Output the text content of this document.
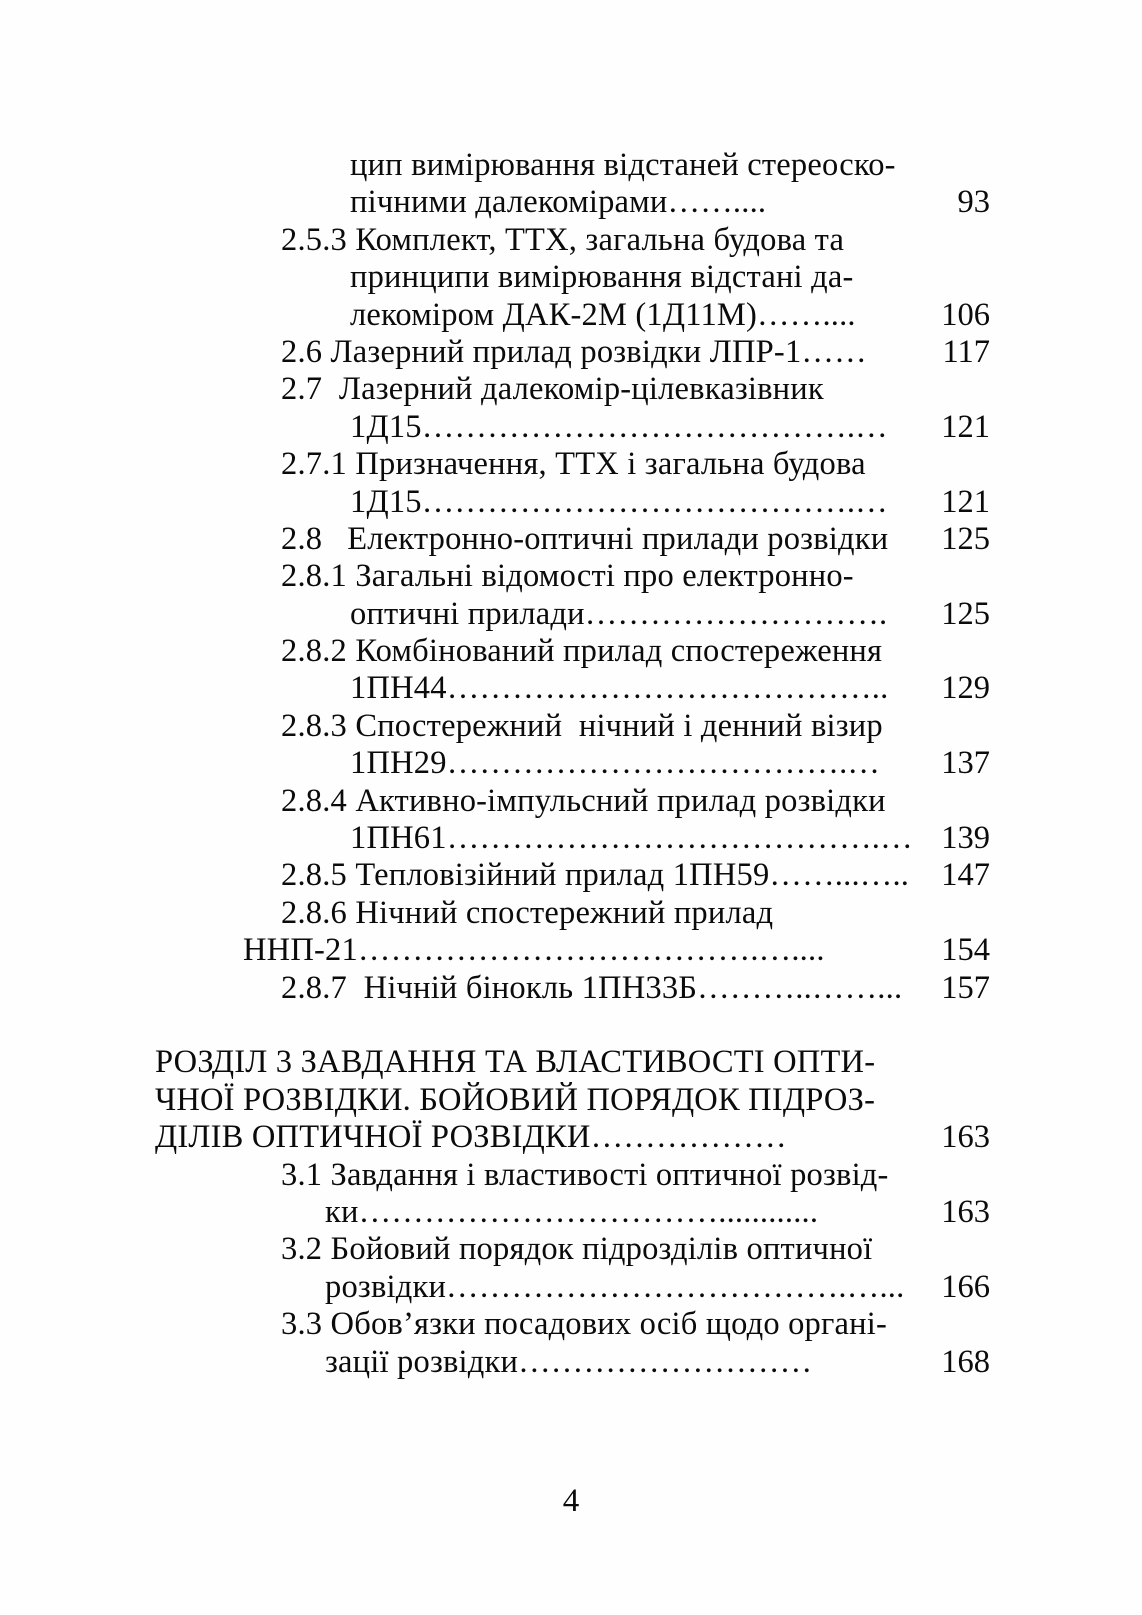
цип вимірювання відстаней стереоско-
пічними далекомірами……....	93
2.5.3 Комплект, ТТХ, загальна будова та
принципи вимірювання відстані да-
лекоміром ДАК-2М (1Д11М)……....	106
2.6 Лазерний прилад розвідки ЛПР-1……	117
2.7  Лазерний далекомір-цілевказівник
1Д15………………………………….… 121
2.7.1 Призначення, ТТХ і загальна будова
1Д15………………………………….… 121
2.8   Електронно-оптичні прилади розвідки 125
2.8.1 Загальні відомості про електронно-
оптичні прилади………………………. 125
2.8.2 Комбінований прилад спостереження
1ПН44………………………………….. 129
2.8.3 Спостережний  нічний і денний візир
1ПН29……………………………….… 137
2.8.4 Активно-імпульсний прилад розвідки
1ПН61………………………………….… 139
2.8.5 Тепловізійний прилад 1ПН59……...….. 147
2.8.6 Нічний спостережний прилад
ННП-21……………………………….…....	154
2.8.7  Нічній бінокль 1ПН33Б………..……... 157
РОЗДІЛ 3 ЗАВДАННЯ ТА ВЛАСТИВОСТІ ОПТИ-
ЧНОЇ РОЗВІДКИ. БОЙОВИЙ ПОРЯДОК ПІДРОЗ-
ДІЛІВ ОПТИЧНОЇ РОЗВІДКИ………………	163
3.1 Завдання і властивості оптичної розвід-
ки……………………………............	163
3.2 Бойовий порядок підрозділів оптичної
розвідки……………………………….…... 166
3.3 Обов’язки посадових осіб щодо органі-
зації розвідки………………………	168
4
